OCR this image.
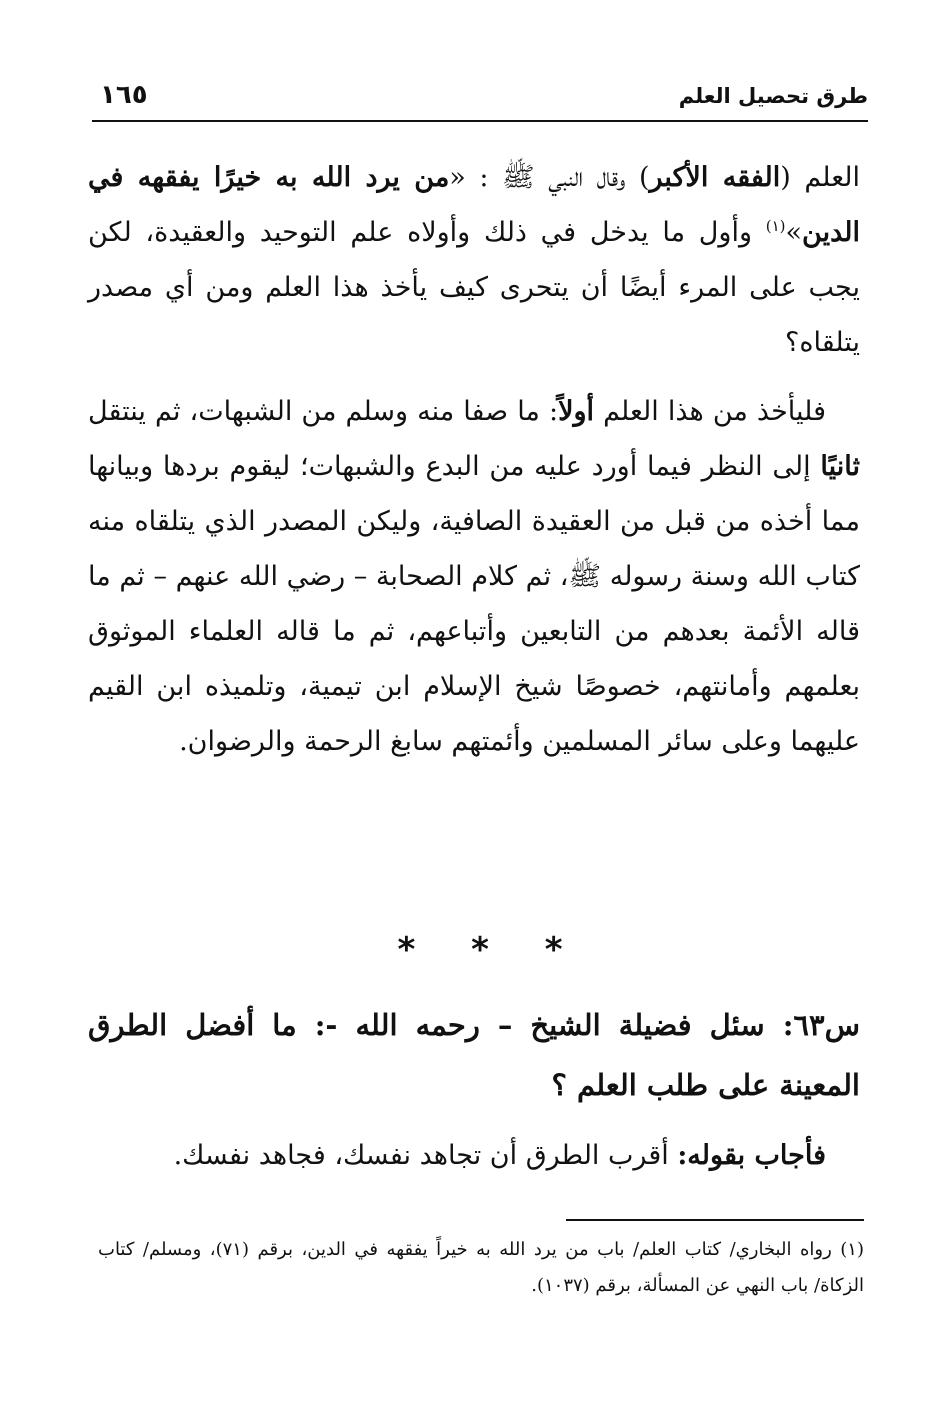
طرق تحصيل العلم
١٦٥

العلم (الفقه الأكبر) وقال النبي ﷺ : «من يرد الله به خيرًا يفقهه في الدين»$^{(١)}$ وأول ما يدخل في ذلك وأولاه علم التوحيد والعقيدة، لكن يجب على المرء أيضًا أن يتحرى كيف يأخذ هذا العلم ومن أي مصدر يتلقاه؟

فليأخذ من هذا العلم أولاً: ما صفا منه وسلم من الشبهات، ثم ينتقل ثانيًا إلى النظر فيما أورد عليه من البدع والشبهات؛ ليقوم بردها وبيانها مما أخذه من قبل من العقيدة الصافية، وليكن المصدر الذي يتلقاه منه كتاب الله وسنة رسوله ﷺ، ثم كلام الصحابة – رضي الله عنهم – ثم ما قاله الأئمة بعدهم من التابعين وأتباعهم، ثم ما قاله العلماء الموثوق بعلمهم وأمانتهم، خصوصًا شيخ الإسلام ابن تيمية، وتلميذه ابن القيم عليهما وعلى سائر المسلمين وأئمتهم سابغ الرحمة والرضوان.

* * *

س٦٣: سئل فضيلة الشيخ – رحمه الله -: ما أفضل الطرق المعينة على طلب العلم ؟

فأجاب بقوله: أقرب الطرق أن تجاهد نفسك، فجاهد نفسك.

(١) رواه البخاري/ كتاب العلم/ باب من يرد الله به خيراً يفقهه في الدين، برقم (٧١)، ومسلم/ كتاب الزكاة/ باب النهي عن المسألة، برقم (١٠٣٧).
